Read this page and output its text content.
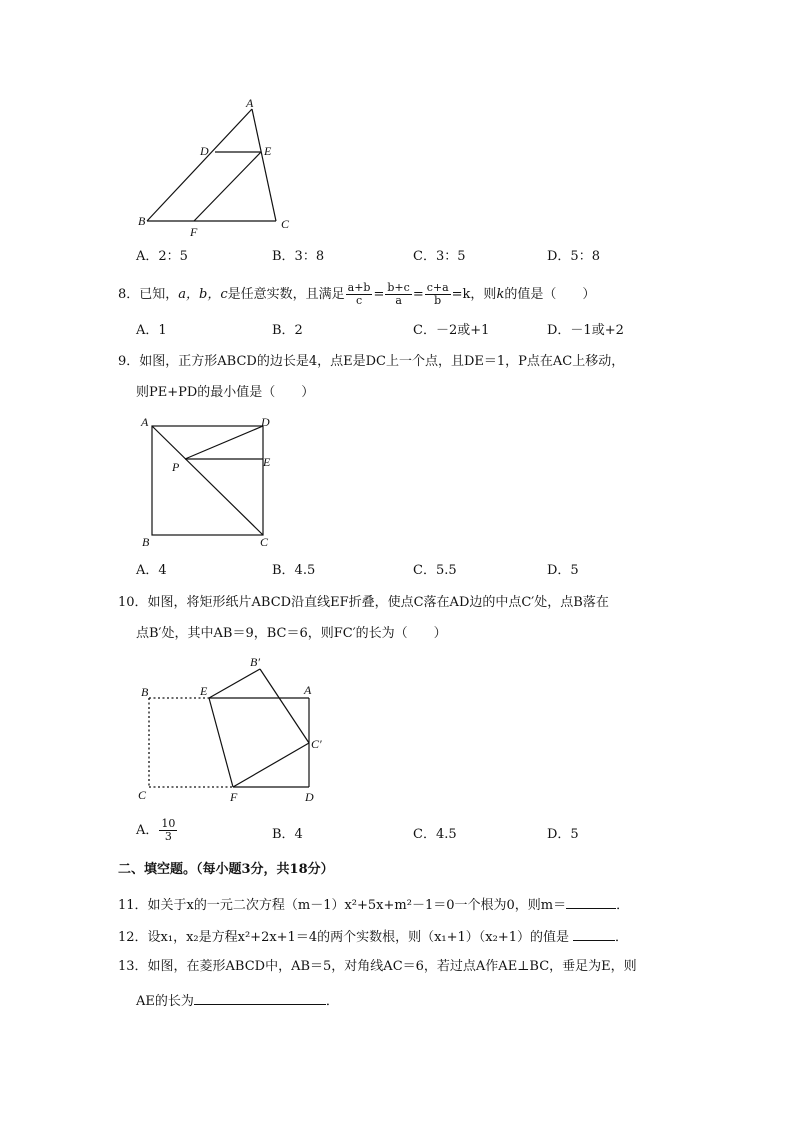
A
D	E
B
F
C
A．2：5	B．3：8	C．3：5	D．5：8
8．已知，a，b，c是任意实数，且满足 $\frac{a+b}{c} = \frac{b+c}{a} = \frac{c+a}{b} =k$，则k的值是（　　）
A．1	B．2	C．－2或+1	D．－1或+2
9．如图，正方形ABCD的边长是4，点E是DC上一个点，且DE＝1，P点在AC上移动，
则PE+PD的最小值是（　　）
A	D
E
P
B	C
A．4	B．4.5	C．5.5	D．5
10．如图，将矩形纸片ABCD沿直线EF折叠，使点C落在AD边的中点C′处，点B落在
点B′处，其中AB＝9，BC＝6，则FC′的长为（　　）
B	E
B′
A
C′
C	F	D
A． $\frac{10}{3}$	B．4	C．4.5	D．5
二、填空题。（每小题3分，共18分）
11．如关于x的一元二次方程（m－1）x²+5x+m²－1＝0一个根为0，则m＝	．
12．设x₁，x₂是方程x²+2x+1＝4的两个实数根，则（x₁+1）（x₂+1）的值是	．
13．如图，在菱形ABCD中，AB＝5，对角线AC＝6，若过点A作AE⊥BC，垂足为E，则
AE的长为	．
